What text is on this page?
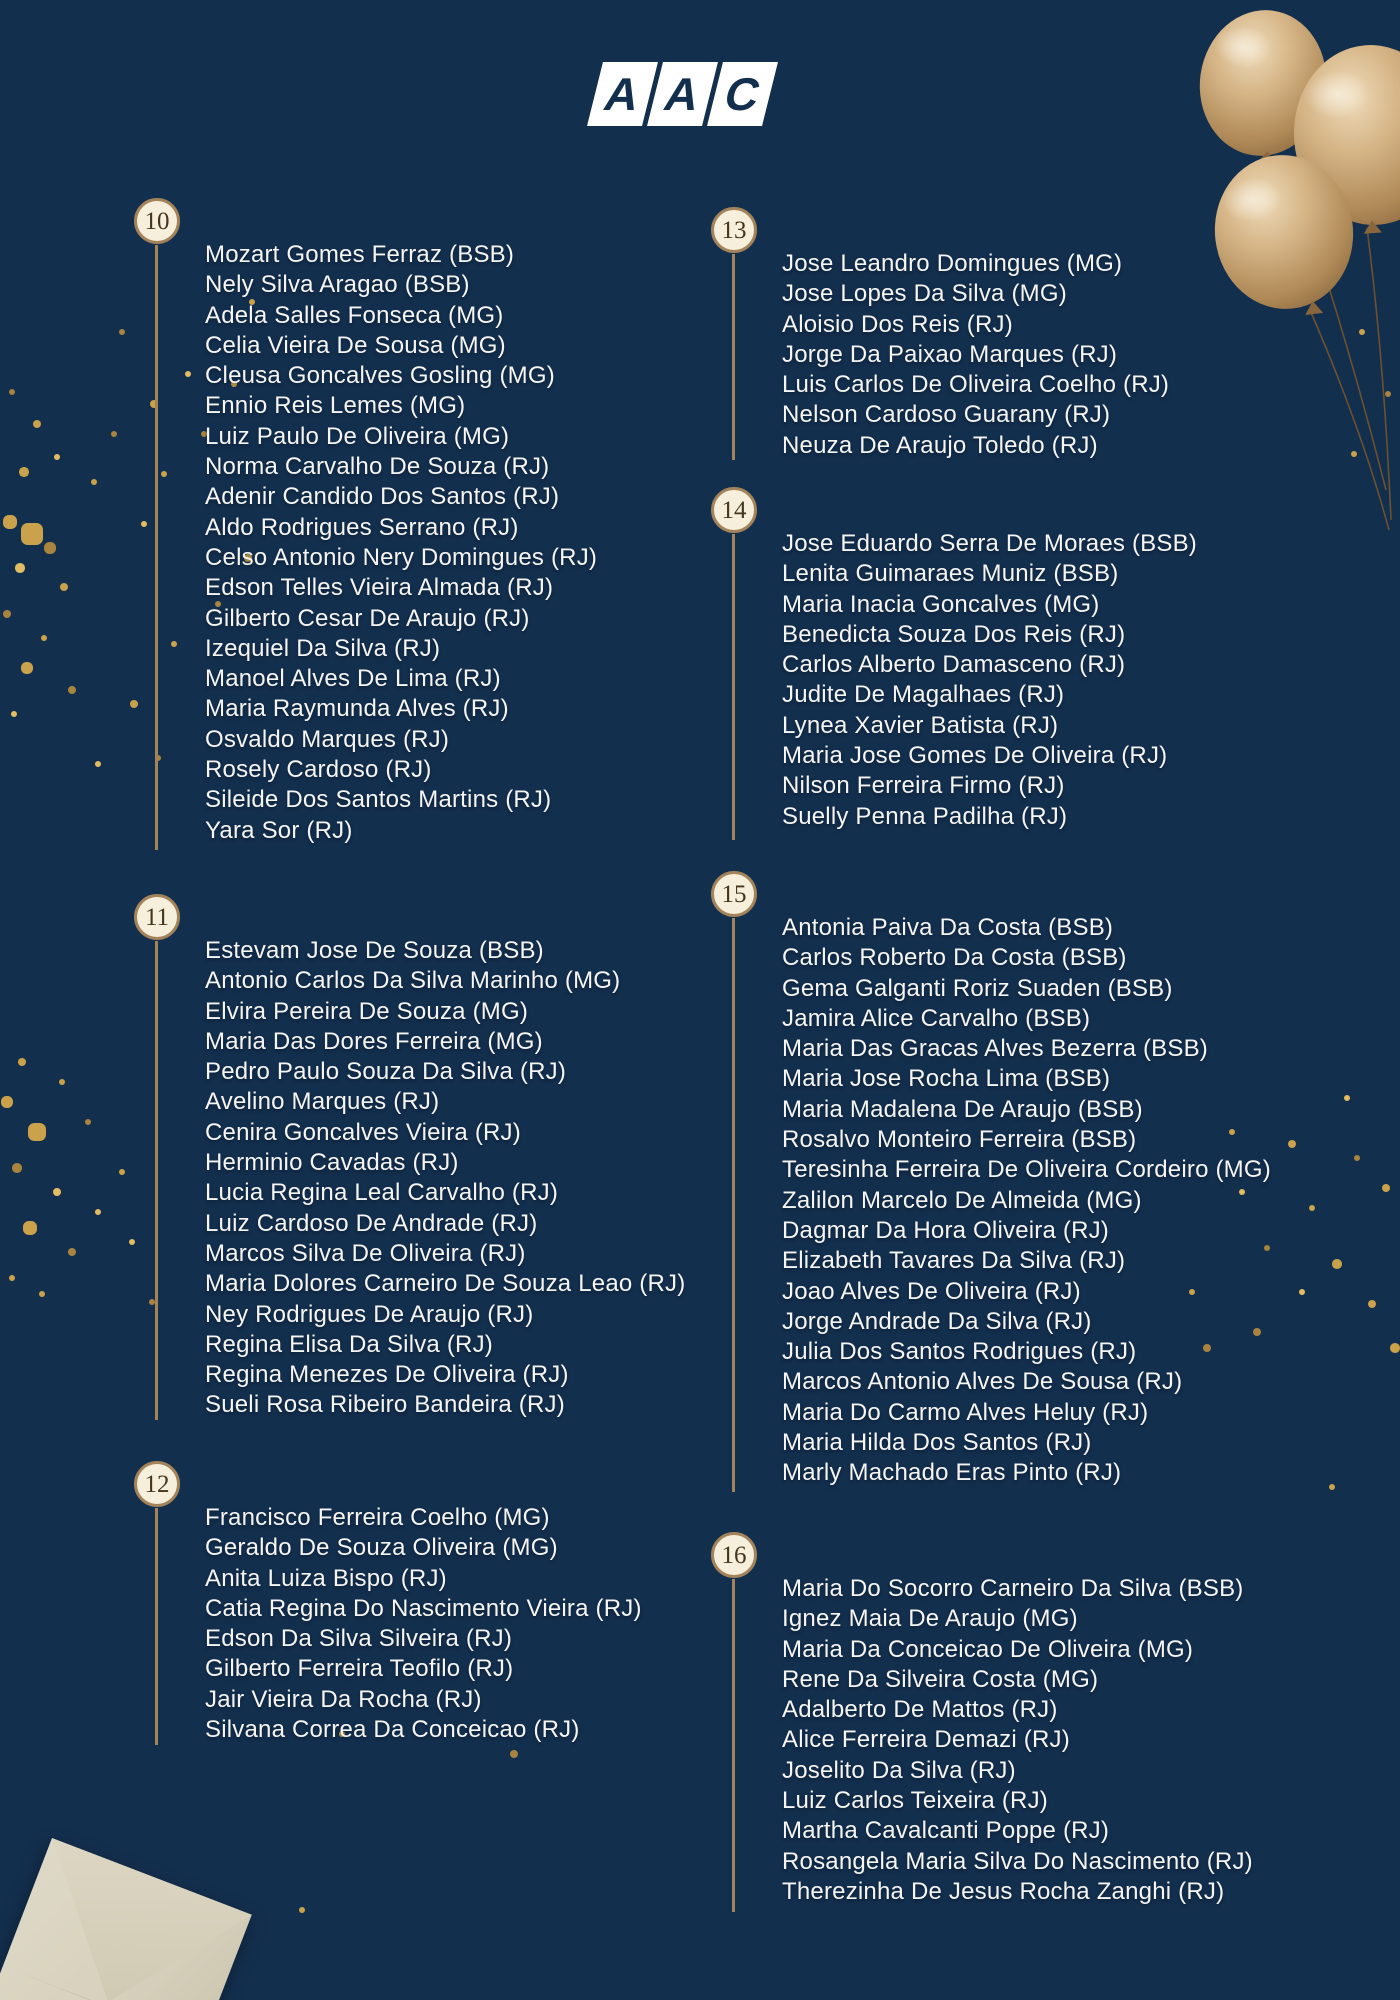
A A C
10
Mozart Gomes Ferraz (BSB)
Nely Silva Aragao (BSB)
Adela Salles Fonseca (MG)
Celia Vieira De Sousa (MG)
Cleusa Goncalves Gosling (MG)
Ennio Reis Lemes (MG)
Luiz Paulo De Oliveira (MG)
Norma Carvalho De Souza (RJ)
Adenir Candido Dos Santos (RJ)
Aldo Rodrigues Serrano (RJ)
Celso Antonio Nery Domingues (RJ)
Edson Telles Vieira Almada (RJ)
Gilberto Cesar De Araujo (RJ)
Izequiel Da Silva (RJ)
Manoel Alves De Lima (RJ)
Maria Raymunda Alves (RJ)
Osvaldo Marques (RJ)
Rosely Cardoso (RJ)
Sileide Dos Santos Martins (RJ)
Yara Sor (RJ)
11
Estevam Jose De Souza (BSB)
Antonio Carlos Da Silva Marinho (MG)
Elvira Pereira De Souza (MG)
Maria Das Dores Ferreira (MG)
Pedro Paulo Souza Da Silva (RJ)
Avelino Marques (RJ)
Cenira Goncalves Vieira (RJ)
Herminio Cavadas (RJ)
Lucia Regina Leal Carvalho (RJ)
Luiz Cardoso De Andrade (RJ)
Marcos Silva De Oliveira (RJ)
Maria Dolores Carneiro De Souza Leao (RJ)
Ney Rodrigues De Araujo (RJ)
Regina Elisa Da Silva (RJ)
Regina Menezes De Oliveira (RJ)
Sueli Rosa Ribeiro Bandeira (RJ)
12
Francisco Ferreira Coelho (MG)
Geraldo De Souza Oliveira (MG)
Anita Luiza Bispo (RJ)
Catia Regina Do Nascimento Vieira (RJ)
Edson Da Silva Silveira (RJ)
Gilberto Ferreira Teofilo (RJ)
Jair Vieira Da Rocha (RJ)
Silvana Correa Da Conceicao (RJ)
13
Jose Leandro Domingues (MG)
Jose Lopes Da Silva (MG)
Aloisio Dos Reis (RJ)
Jorge Da Paixao Marques (RJ)
Luis Carlos De Oliveira Coelho (RJ)
Nelson Cardoso Guarany (RJ)
Neuza De Araujo Toledo (RJ)
14
Jose Eduardo Serra De Moraes (BSB)
Lenita Guimaraes Muniz (BSB)
Maria Inacia Goncalves (MG)
Benedicta Souza Dos Reis (RJ)
Carlos Alberto Damasceno (RJ)
Judite De Magalhaes (RJ)
Lynea Xavier Batista (RJ)
Maria Jose Gomes De Oliveira (RJ)
Nilson Ferreira Firmo (RJ)
Suelly Penna Padilha (RJ)
15
Antonia Paiva Da Costa (BSB)
Carlos Roberto Da Costa (BSB)
Gema Galganti Roriz Suaden (BSB)
Jamira Alice Carvalho (BSB)
Maria Das Gracas Alves Bezerra (BSB)
Maria Jose Rocha Lima (BSB)
Maria Madalena De Araujo (BSB)
Rosalvo Monteiro Ferreira (BSB)
Teresinha Ferreira De Oliveira Cordeiro (MG)
Zalilon Marcelo De Almeida (MG)
Dagmar Da Hora Oliveira (RJ)
Elizabeth Tavares Da Silva (RJ)
Joao Alves De Oliveira (RJ)
Jorge Andrade Da Silva (RJ)
Julia Dos Santos Rodrigues (RJ)
Marcos Antonio Alves De Sousa (RJ)
Maria Do Carmo Alves Heluy (RJ)
Maria Hilda Dos Santos (RJ)
Marly Machado Eras Pinto (RJ)
16
Maria Do Socorro Carneiro Da Silva (BSB)
Ignez Maia De Araujo (MG)
Maria Da Conceicao De Oliveira (MG)
Rene Da Silveira Costa (MG)
Adalberto De Mattos (RJ)
Alice Ferreira Demazi (RJ)
Joselito Da Silva (RJ)
Luiz Carlos Teixeira (RJ)
Martha Cavalcanti Poppe (RJ)
Rosangela Maria Silva Do Nascimento (RJ)
Therezinha De Jesus Rocha Zanghi (RJ)
